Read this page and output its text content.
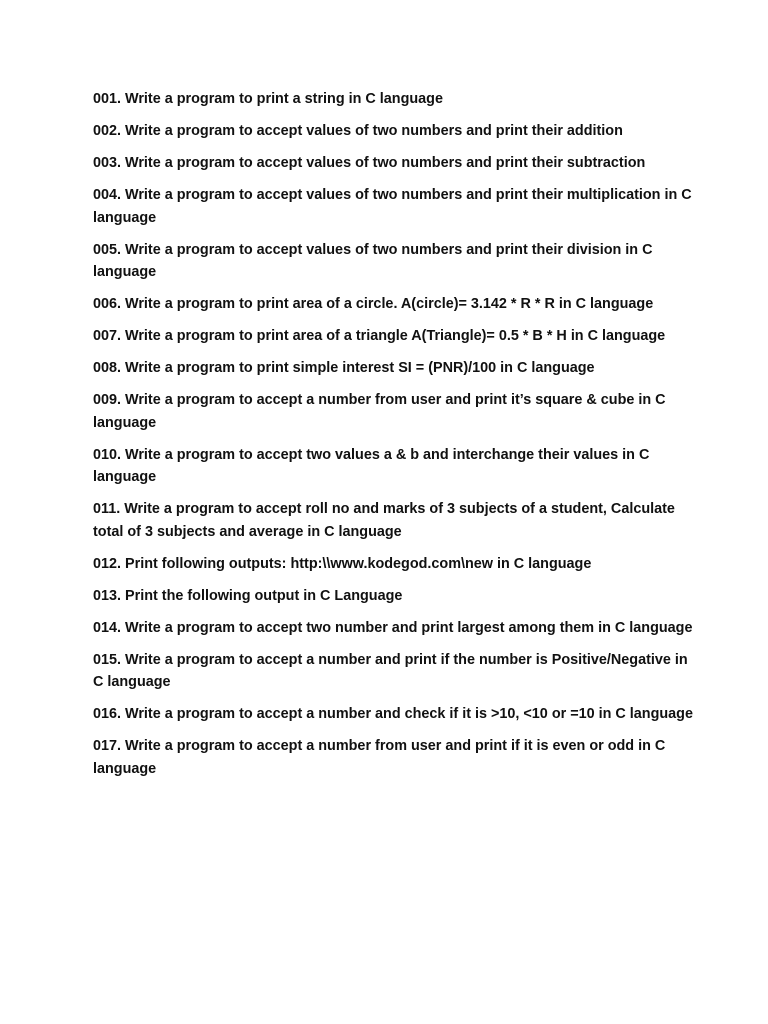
001. Write a program to print a string in C language
002. Write a program to accept values of two numbers and print their addition
003. Write a program to accept values of two numbers and print their subtraction
004. Write a program to accept values of two numbers and print their multiplication in C language
005. Write a program to accept values of two numbers and print their division in C language
006. Write a program to print area of a circle. A(circle)= 3.142 * R * R in C language
007. Write a program to print area of a triangle A(Triangle)= 0.5 * B * H in C language
008. Write a program to print simple interest SI = (PNR)/100 in C language
009. Write a program to accept a number from user and print it’s square & cube in C language
010. Write a program to accept two values a & b and interchange their values in C language
011. Write a program to accept roll no and marks of 3 subjects of a student, Calculate total of 3 subjects and average in C language
012. Print following outputs: http:\\www.kodegod.com\new in C language
013. Print the following output in C Language
014. Write a program to accept two number and print largest among them in C language
015. Write a program to accept a number and print if the number is Positive/Negative in C language
016. Write a program to accept a number and check if it is >10, <10 or =10 in C language
017. Write a program to accept a number from user and print if it is even or odd in C language
